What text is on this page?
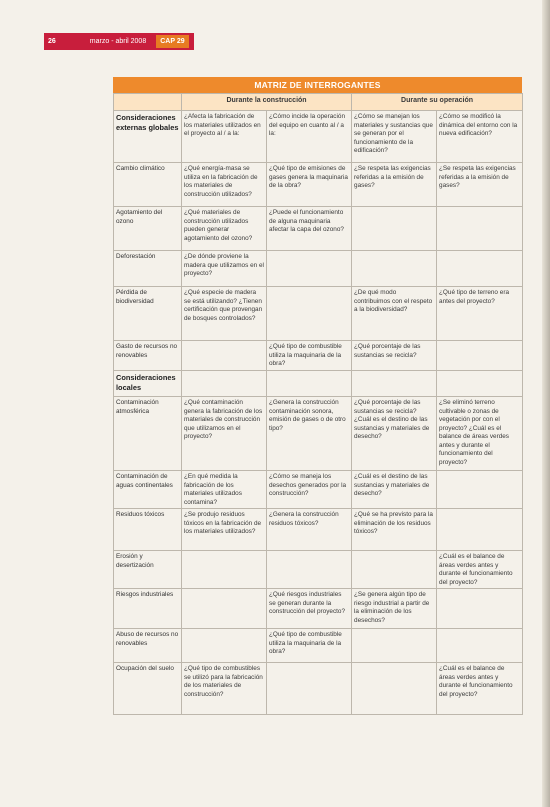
26	marzo - abril 2008	CAP 29
MATRIZ DE INTERROGANTES
	Durante la construcción		Durante su operación	
Consideraciones externas globales	¿Afecta la fabricación de los materiales utilizados en el proyecto al / a la:	¿Cómo incide la operación del equipo en cuanto al / a la:	¿Cómo se manejan los materiales y sustancias que se generan por el funcionamiento de la edificación?	¿Cómo se modificó la dinámica del entorno con la nueva edificación?
Cambio climático	¿Qué energía-masa se utiliza en la fabricación de los materiales de construcción utilizados?	¿Qué tipo de emisiones de gases genera la maquinaria de la obra?	¿Se respeta las exigencias referidas a la emisión de gases?	¿Se respeta las exigencias referidas a la emisión de gases?
Agotamiento del ozono	¿Qué materiales de construcción utilizados pueden generar agotamiento del ozono?	¿Puede el funcionamiento de alguna maquinaria afectar la capa del ozono?		
Deforestación	¿De dónde proviene la madera que utilizamos en el proyecto?			
Pérdida de biodiversidad	¿Qué especie de madera se está utilizando? ¿Tienen certificación que provengan de bosques controlados?		¿De qué modo contribuimos con el respeto a la biodiversidad?	¿Qué tipo de terreno era antes del proyecto?
Gasto de recursos no renovables		¿Qué tipo de combustible utiliza la maquinaria de la obra?	¿Qué porcentaje de las sustancias se recicla?	
Consideraciones locales				
Contaminación atmosférica	¿Qué contaminación genera la fabricación de los materiales de construcción que utilizamos en el proyecto?	¿Genera la construcción contaminación sonora, emisión de gases o de otro tipo?	¿Qué porcentaje de las sustancias se recicla? ¿Cuál es el destino de las sustancias y materiales de desecho?	¿Se eliminó terreno cultivable o zonas de vegetación por con el proyecto? ¿Cuál es el balance de áreas verdes antes y durante el funcionamiento del proyecto?
Contaminación de aguas continentales	¿En qué medida la fabricación de los materiales utilizados contamina?	¿Cómo se maneja los desechos generados por la construcción?	¿Cuál es el destino de las sustancias y materiales de desecho?	
Residuos tóxicos	¿Se produjo residuos tóxicos en la fabricación de los materiales utilizados?	¿Genera la construcción residuos tóxicos?	¿Qué se ha previsto para la eliminación de los residuos tóxicos?	
Erosión y desertización				¿Cuál es el balance de áreas verdes antes y durante el funcionamiento del proyecto?
Riesgos industriales		¿Qué riesgos industriales se generan durante la construcción del proyecto?	¿Se genera algún tipo de riesgo industrial a partir de la eliminación de los desechos?	
Abuso de recursos no renovables		¿Qué tipo de combustible utiliza la maquinaria de la obra?		
Ocupación del suelo	¿Qué tipo de combustibles se utilizó para la fabricación de los materiales de construcción?			¿Cuál es el balance de áreas verdes antes y durante el funcionamiento del proyecto?
